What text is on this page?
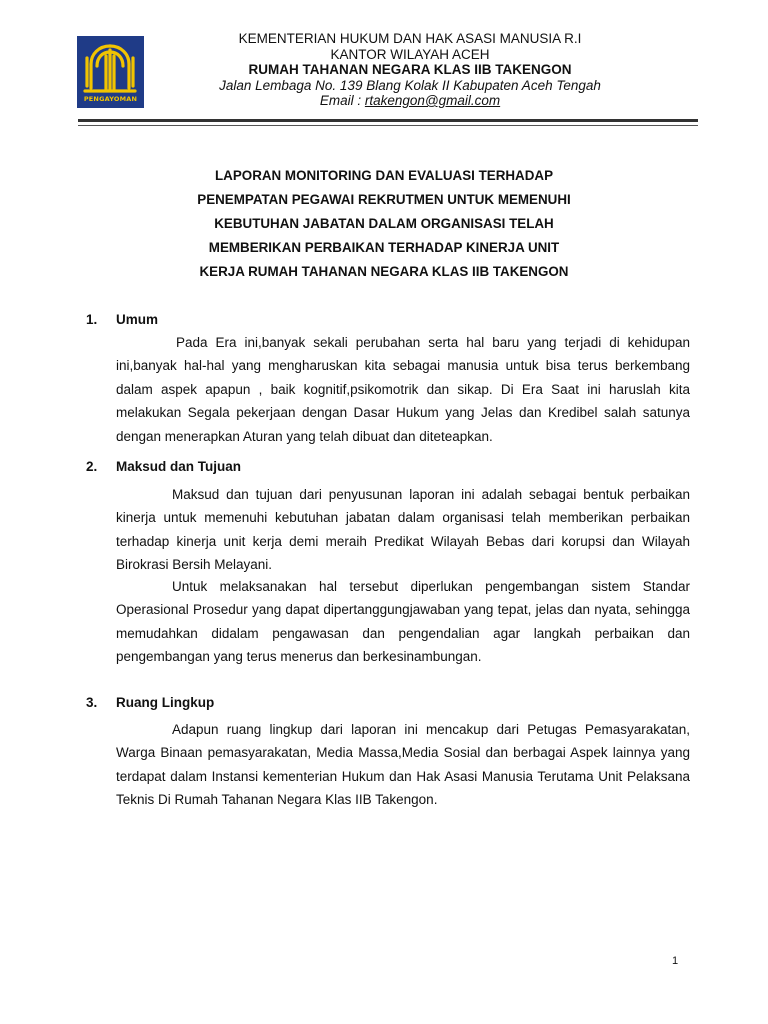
PENGAYOMAN
KEMENTERIAN HUKUM DAN HAK ASASI MANUSIA R.I
KANTOR WILAYAH ACEH
RUMAH TAHANAN NEGARA KLAS IIB TAKENGON
Jalan Lembaga No. 139 Blang Kolak II Kabupaten Aceh Tengah
Email : rtakengon@gmail.com
LAPORAN MONITORING DAN EVALUASI TERHADAP
PENEMPATAN PEGAWAI REKRUTMEN UNTUK MEMENUHI
KEBUTUHAN JABATAN DALAM ORGANISASI TELAH
MEMBERIKAN PERBAIKAN TERHADAP KINERJA UNIT
KERJA RUMAH TAHANAN NEGARA KLAS IIB TAKENGON
1. Umum
Pada Era ini,banyak sekali perubahan serta hal baru yang terjadi di kehidupan ini,banyak hal-hal yang mengharuskan kita sebagai manusia untuk bisa terus berkembang dalam aspek apapun , baik kognitif,psikomotrik dan sikap. Di Era Saat ini haruslah kita melakukan Segala pekerjaan dengan Dasar Hukum yang Jelas dan Kredibel salah satunya dengan menerapkan Aturan yang telah dibuat dan diteteapkan.
2. Maksud dan Tujuan
Maksud dan tujuan dari penyusunan laporan ini adalah sebagai bentuk perbaikan kinerja untuk memenuhi kebutuhan jabatan dalam organisasi telah memberikan perbaikan terhadap kinerja unit kerja demi meraih Predikat Wilayah Bebas dari korupsi dan Wilayah Birokrasi Bersih Melayani.
Untuk melaksanakan hal tersebut diperlukan pengembangan sistem Standar Operasional Prosedur yang dapat dipertanggungjawaban yang tepat, jelas dan nyata, sehingga memudahkan didalam pengawasan dan pengendalian agar langkah perbaikan dan pengembangan yang terus menerus dan berkesinambungan.
3. Ruang Lingkup
Adapun ruang lingkup dari laporan ini mencakup dari Petugas Pemasyarakatan, Warga Binaan pemasyarakatan, Media Massa,Media Sosial dan berbagai Aspek lainnya yang terdapat dalam Instansi kementerian Hukum dan Hak Asasi Manusia Terutama Unit Pelaksana Teknis Di Rumah Tahanan Negara Klas IIB Takengon.
1
